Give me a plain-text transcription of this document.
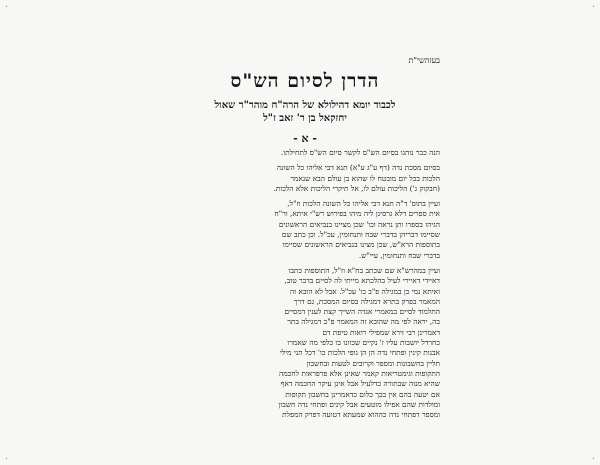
·	·
·	·
בעזהשי"ת
הדרן לסיום הש"ס
לכבוד יומא דהילולא של הרה"ח מוהר"ר שאול
יחזקאל בן ר' זאב ז"ל
- א -

הנה כבר נוהגו בסיום הש"ס לקשר סיום הש"ס לתחילתו.

בסיום מסכת נדה (דף ע"ג ע"א) תנא דבי אליהו כל השונה
הלכות בכל יום מובטח לו שהוא בן עולם הבא שנאמר
(חבקוק ג') הליכות עולם לו, אל תיקרי הליכות אלא הלכות.

ועיין בתוס' ד"ה תנא דבי אליהו כל השונה הלכות וז"ל,
אית ספרים דלא גרסינן ליה מיהו בפירוש רש"י איתא, ור"ח
הגיהו בספרו ותן נראה וכו' שכן מציינו בנביאים הראשונים
שסיימו דבריהן בדברי שבח ותנחומין, עכ"ל. וכן כתב שם
בתוספות הרא"ש, שכן מצינו בנביאים הראשונים שסיימו
בדברי שבח ותנחומין, עיי"ש.

ועיין במהרש"א שם שכתב בח"א וז"ל, התוספות כתבו
דאיידי דאיירי לעיל בהלכתא מייתי לה לסיים בדבר טוב,
ואיתא נמי כן במגילה פ"ב כו' עכ"ל. אבל לא הובא זה
המאמר בפרק בתרא דמגילה בסיום המסכת, גם דרך
התלמוד לסיים במאמרי אגדה השייך קצת לענין דמסיים
בה, יראה לפי מה שהובא זה המאמר פ"ב דמגילה בתר
דאמרינן רבי זירא שמפילי רואות טיפת דם
כחרדל יושבות עליו ז' נקיים שכוונו בו כלפי מה שאמרו
אבנות קינין ופתחי נדה הן הן גופי הלכות כו' דכל הני מילי
תליין בחשבונות ומספר וקרובים לטעות ובחשבון
התקופות וגימטריאות קאמר שאינן אלא פרפראות לחכמה
שהיא מנוה שבתורה כדלעיל אבל אינן עיקר החכמה דאף
אם יטעה בהם אין בכך כלום כדאמרינן בחשבון תקופות
ומולדות שהם אפילו מוטעים אבל קינים ופתחי נדה חשבון
ומספר דפתחי נדה כההוא שמעתא דטועה דפרק המפלת
